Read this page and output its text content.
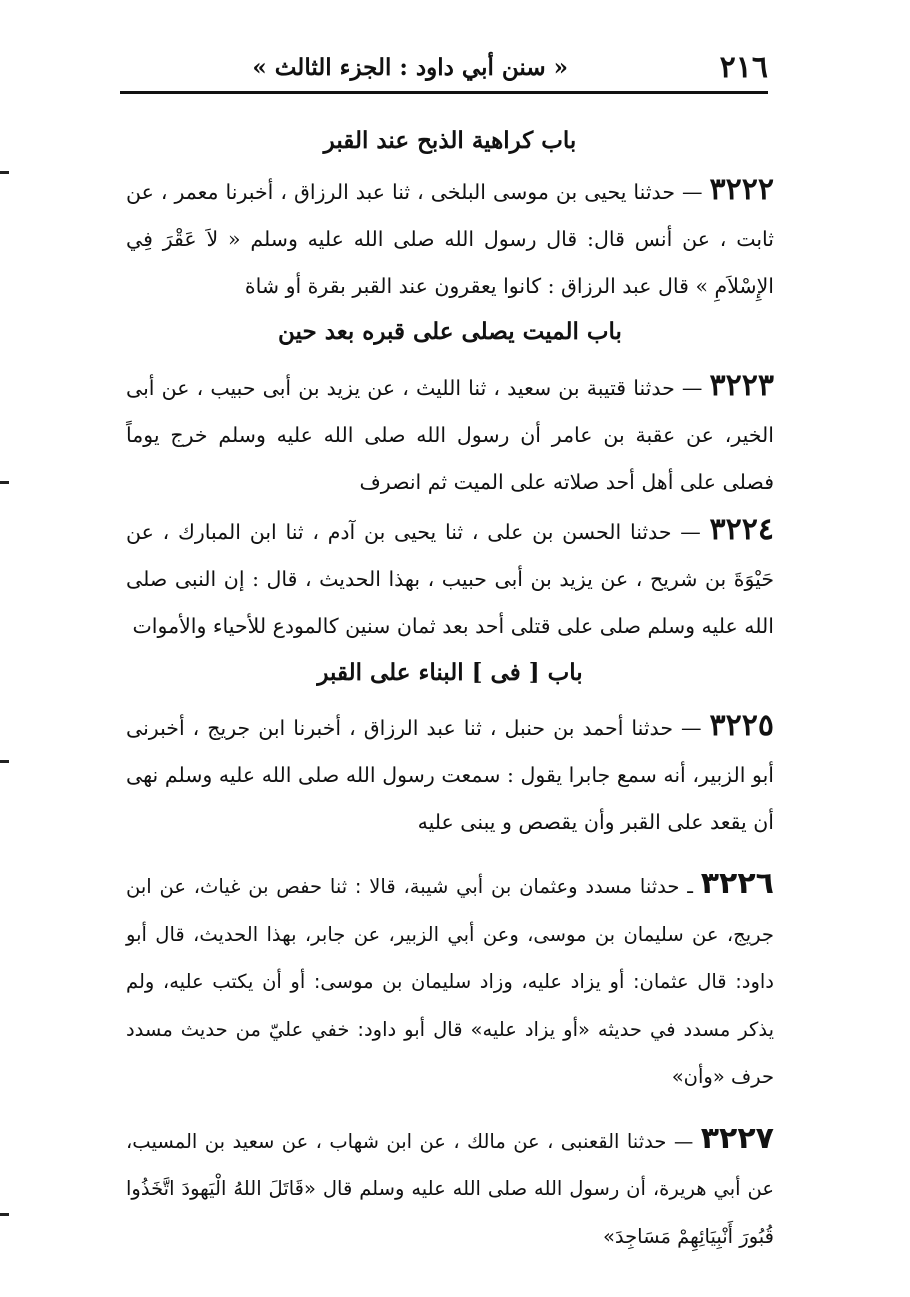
٢١٦
« سنن أبي داود : الجزء الثالث »
باب كراهية الذبح عند القبر

٣٢٢٢ — حدثنا يحيى بن موسى البلخى ، ثنا عبد الرزاق ، أخبرنا معمر ، عن ثابت ، عن أنس قال: قال رسول الله صلى الله عليه وسلم « لاَ عَقْرَ فِي الإِسْلاَمِ » قال عبد الرزاق : كانوا يعقرون عند القبر بقرة أو شاة

باب الميت يصلى على قبره بعد حين

٣٢٢٣ — حدثنا قتيبة بن سعيد ، ثنا الليث ، عن يزيد بن أبى حبيب ، عن أبى الخير، عن عقبة بن عامر أن رسول الله صلى الله عليه وسلم خرج يوماً فصلى على أهل أحد صلاته على الميت ثم انصرف

٣٢٢٤ — حدثنا الحسن بن على ، ثنا يحيى بن آدم ، ثنا ابن المبارك ، عن حَيْوَةَ بن شريح ، عن يزيد بن أبى حبيب ، بهذا الحديث ، قال : إن النبى صلى الله عليه وسلم صلى على قتلى أحد بعد ثمان سنين كالمودع للأحياء والأموات

باب [ فى ] البناء على القبر

٣٢٢٥ — حدثنا أحمد بن حنبل ، ثنا عبد الرزاق ، أخبرنا ابن جريج ، أخبرنى أبو الزبير، أنه سمع جابرا يقول : سمعت رسول الله صلى الله عليه وسلم نهى أن يقعد على القبر وأن يقصص و يبنى عليه

٣٢٢٦ ـ حدثنا مسدد وعثمان بن أبي شيبة، قالا : ثنا حفص بن غياث، عن ابن جريج، عن سليمان بن موسى، وعن أبي الزبير، عن جابر، بهذا الحديث، قال أبو داود: قال عثمان: أو يزاد عليه، وزاد سليمان بن موسى: أو أن يكتب عليه، ولم يذكر مسدد في حديثه «أو يزاد عليه» قال أبو داود: خفي عليّ من حديث مسدد حرف «وأن»

٣٢٢٧ — حدثنا القعنبى ، عن مالك ، عن ابن شهاب ، عن سعيد بن المسيب، عن أبي هريرة، أن رسول الله صلى الله عليه وسلم قال «قَاتَلَ اللهُ الْيَهودَ اتَّخَذُوا قُبُورَ أَنْبِيَائِهِمْ مَسَاجِدَ»
